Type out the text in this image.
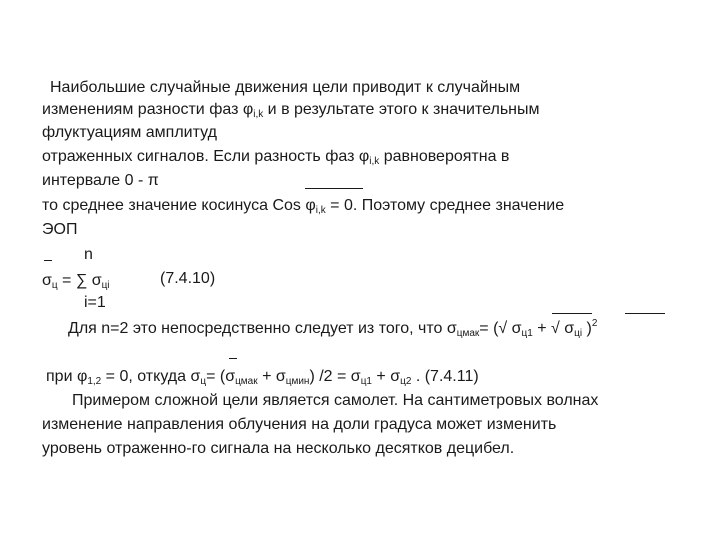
Наибольшие случайные движения цели приводит к случайным
изменениям разности фаз $\varphi_{i,k}$ и в результате этого к значительным
флуктуациям амплитуд
отраженных сигналов. Если разность фаз $\varphi_{i,k}$ равновероятна в
интервале 0 - π
то среднее значение косинуса Cos $\varphi_{i,k} = 0$. Поэтому среднее значение
ЭОП
n
$\sigma_ц$ = ∑ $\sigma_{цi}$	(7.4.10)
i=1
Для n=2 это непосредственно следует из того, что $\sigma_{цмак}=$ (√ $\sigma_{ц1}$ + √ $\sigma_{цi}$ )$^2$
при $\varphi_{1,2} = 0$, откуда $\sigma_ц= (\sigma_{цмак} + \sigma_{цмин}) /2 = \sigma_{ц1} + \sigma_{ц2}$ . (7.4.11)
Примером сложной цели является самолет. На сантиметровых волнах
изменение направления облучения на доли градуса может изменить
уровень отраженно-го сигнала на несколько десятков децибел.
